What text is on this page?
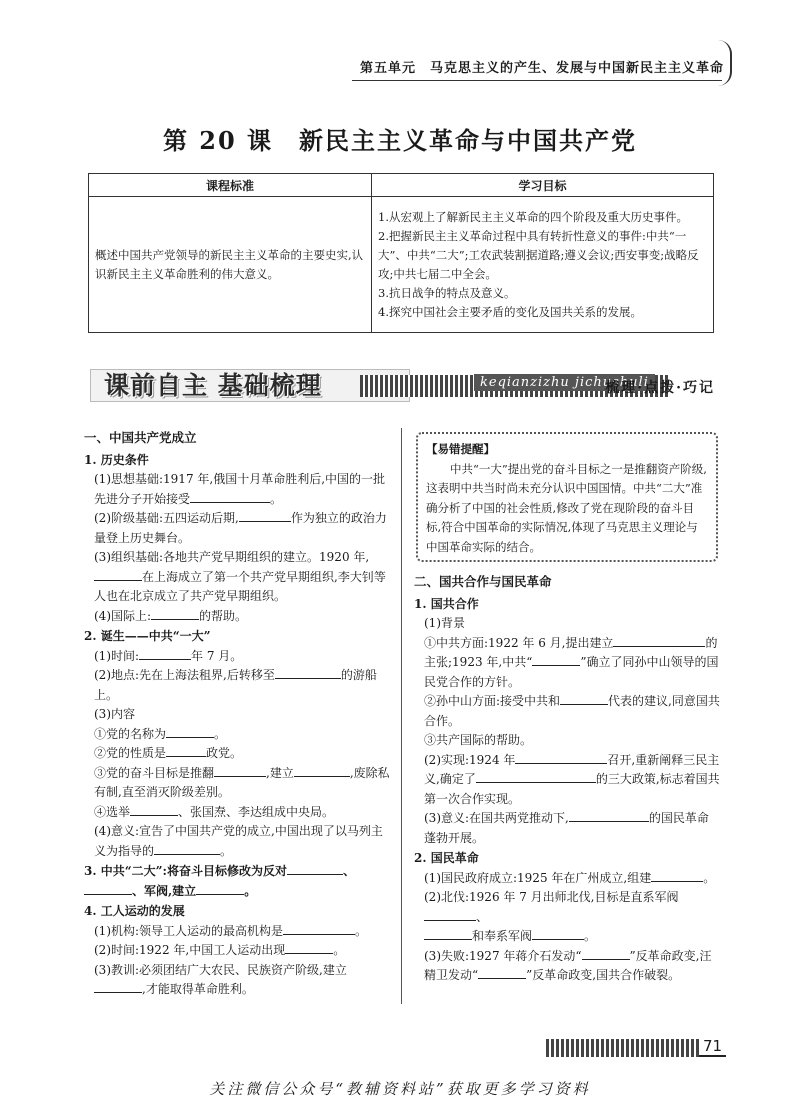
第五单元　马克思主义的产生、发展与中国新民主主义革命
第 20 课　新民主主义革命与中国共产党
课程标准	学习目标
概述中国共产党领导的新民主主义革命的主要史实,认识新民主主义革命胜利的伟大意义。	1.从宏观上了解新民主主义革命的四个阶段及重大历史事件。
2.把握新民主主义革命过程中具有转折性意义的事件:中共“一大”、中共“二大”;工农武装割据道路;遵义会议;西安事变;战略反攻;中共七届二中全会。
3.抗日战争的特点及意义。
4.探究中国社会主要矛盾的变化及国共关系的发展。
课前自主 基础梳理	keqianzizhu jichushuli
梳理·点拨·巧记
一、中国共产党成立
1. 历史条件
(1)思想基础:1917 年,俄国十月革命胜利后,中国的一批先进分子开始接受	。
(2)阶级基础:五四运动后期,	作为独立的政治力量登上历史舞台。
(3)组织基础:各地共产党早期组织的建立。1920 年,在上海成立了第一个共产党早期组织,李大钊等人也在北京成立了共产党早期组织。
(4)国际上:	的帮助。
2. 诞生——中共“一大”
(1)时间:	年 7 月。
(2)地点:先在上海法租界,后转移至	的游船上。
(3)内容
①党的名称为	。
②党的性质是	政党。
③党的奋斗目标是推翻	,建立	,废除私有制,直至消灭阶级差别。
④选举	、张国焘、李达组成中央局。
(4)意义:宣告了中国共产党的成立,中国出现了以马列主义为指导的	。
3. 中共“二大”:将奋斗目标修改为反对	、
、军阀,建立	。
4. 工人运动的发展
(1)机构:领导工人运动的最高机构是	。
(2)时间:1922 年,中国工人运动出现	。
(3)教训:必须团结广大农民、民族资产阶级,建立,才能取得革命胜利。
【易错提醒】
中共“一大”提出党的奋斗目标之一是推翻资产阶级,这表明中共当时尚未充分认识中国国情。中共“二大”准确分析了中国的社会性质,修改了党在现阶段的奋斗目标,符合中国革命的实际情况,体现了马克思主义理论与中国革命实际的结合。
二、国共合作与国民革命
1. 国共合作
(1)背景
①中共方面:1922 年 6 月,提出建立	的主张;1923 年,中共“	”确立了同孙中山领导的国民党合作的方针。
②孙中山方面:接受中共和	代表的建议,同意国共合作。
③共产国际的帮助。
(2)实现:1924 年	召开,重新阐释三民主义,确定了	的三大政策,标志着国共第一次合作实现。
(3)意义:在国共两党推动下,	的国民革命蓬勃开展。
2. 国民革命
(1)国民政府成立:1925 年在广州成立,组建	。
(2)北伐:1926 年 7 月出师北伐,目标是直系军阀、
和奉系军阀	。
(3)失败:1927 年蒋介石发动“	”反革命政变,汪精卫发动“	”反革命政变,国共合作破裂。
71
关注微信公众号“教辅资料站”获取更多学习资料
